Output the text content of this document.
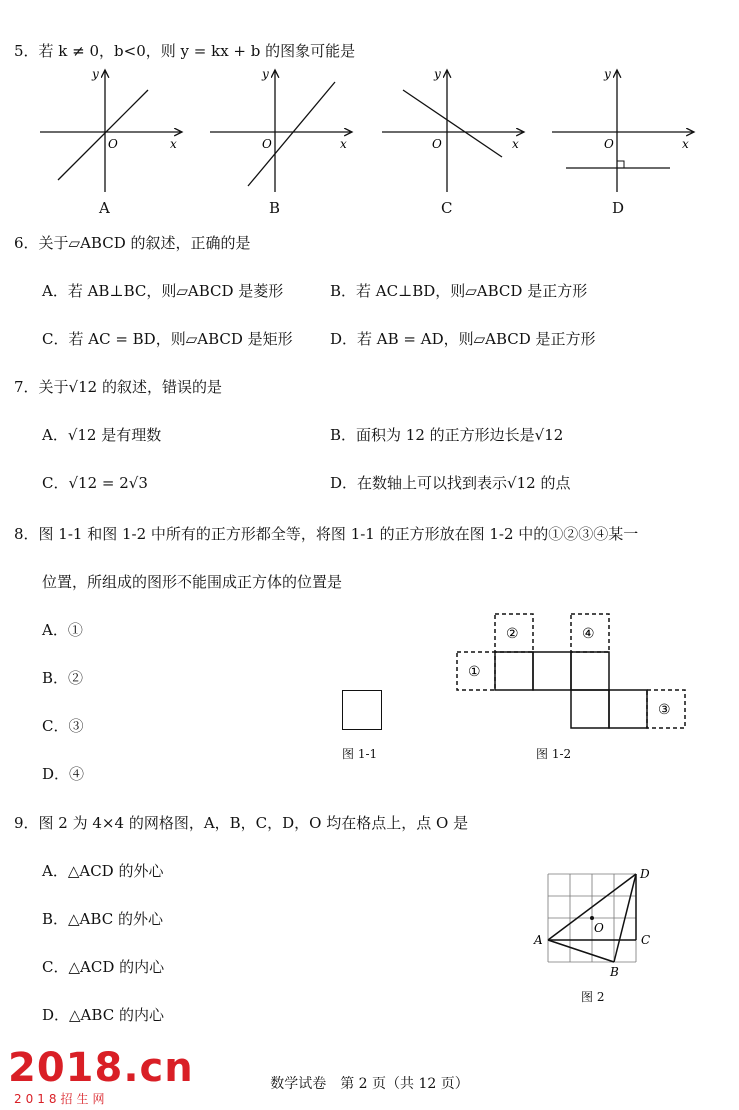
5．若 k ≠ 0，b<0，则 y = kx + b 的图象可能是
y
x
O
y
x
O
y
x
O
y
x
O
A	B	C	D
6．关于▱ABCD 的叙述，正确的是
A．若 AB⊥BC，则▱ABCD 是菱形	B．若 AC⊥BD，则▱ABCD 是正方形
C．若 AC = BD，则▱ABCD 是矩形 D．若 AB = AD，则▱ABCD 是正方形
7．关于√12 的叙述，错误的是
A．√12 是有理数	B．面积为 12 的正方形边长是√12
C．√12 = 2√3	D．在数轴上可以找到表示√12 的点
8．图 1-1 和图 1-2 中所有的正方形都全等，将图 1-1 的正方形放在图 1-2 中的①②③④某一
位置，所组成的图形不能围成正方体的位置是
A．①
B．②
C．③
D．④
图 1-1
①
②	④
③
图 1-2
9．图 2 为 4×4 的网格图，A，B，C，D，O 均在格点上，点 O 是
A．△ACD 的外心
B．△ABC 的外心
C．△ACD 的内心
D．△ABC 的内心
A
B
C
D
O
图 2
数学试卷　第 2 页（共 12 页）
2018.cn
2018招生网
